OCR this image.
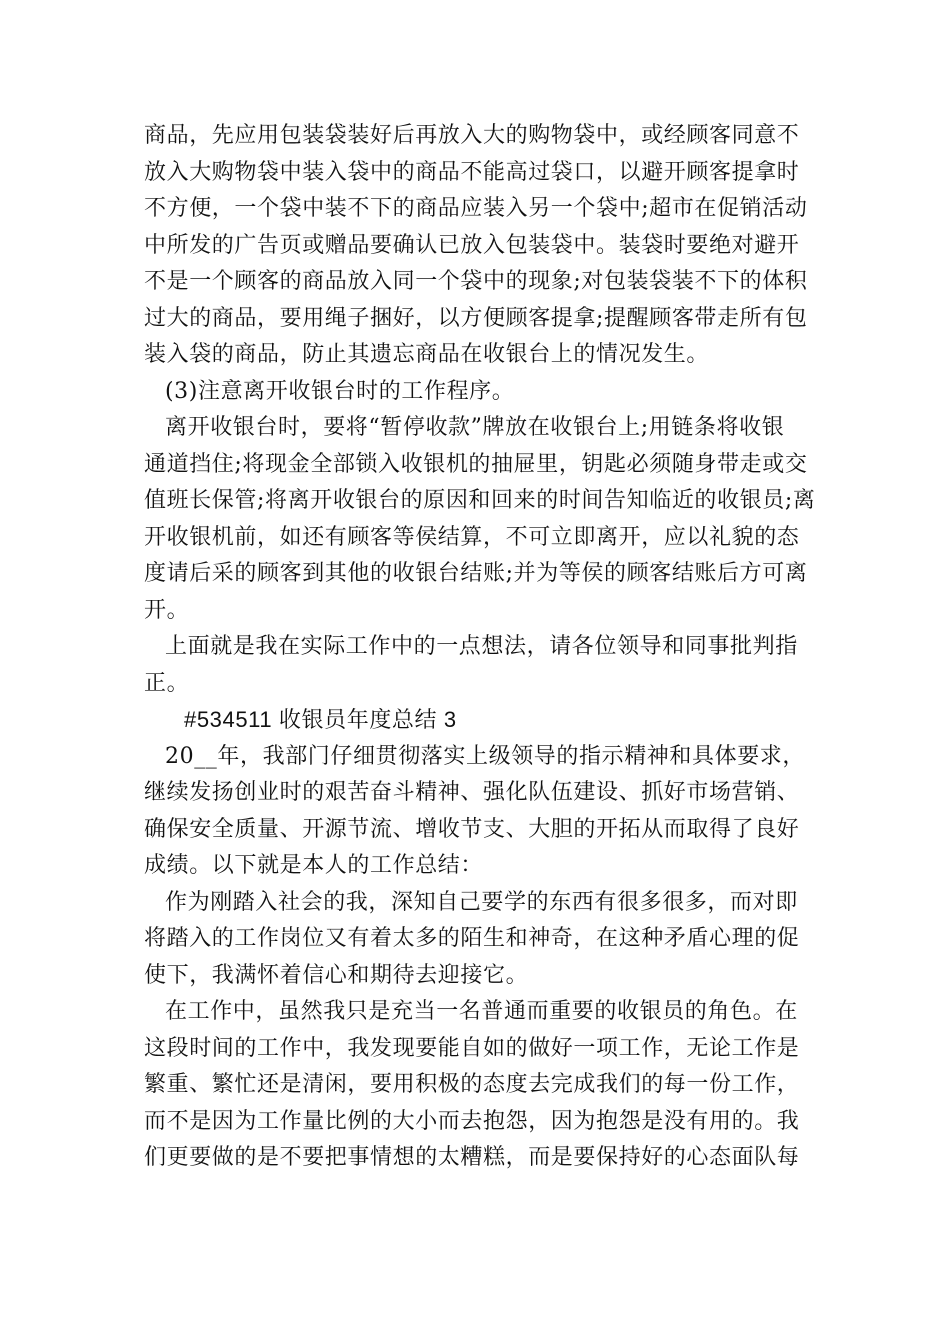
商品，先应用包装袋装好后再放入大的购物袋中，或经顾客同意不
放入大购物袋中装入袋中的商品不能高过袋口，以避开顾客提拿时
不方便，一个袋中装不下的商品应装入另一个袋中;超市在促销活动
中所发的广告页或赠品要确认已放入包装袋中。装袋时要绝对避开
不是一个顾客的商品放入同一个袋中的现象;对包装袋装不下的体积
过大的商品，要用绳子捆好，以方便顾客提拿;提醒顾客带走所有包
装入袋的商品，防止其遗忘商品在收银台上的情况发生。
(3)注意离开收银台时的工作程序。
离开收银台时，要将“暂停收款”牌放在收银台上;用链条将收银
通道挡住;将现金全部锁入收银机的抽屉里，钥匙必须随身带走或交
值班长保管;将离开收银台的原因和回来的时间告知临近的收银员;离
开收银机前，如还有顾客等侯结算，不可立即离开，应以礼貌的态
度请后采的顾客到其他的收银台结账;并为等侯的顾客结账后方可离
开。
上面就是我在实际工作中的一点想法，请各位领导和同事批判指
正。
#534511 收银员年度总结 3
20__年，我部门仔细贯彻落实上级领导的指示精神和具体要求，
继续发扬创业时的艰苦奋斗精神、强化队伍建设、抓好市场营销、
确保安全质量、开源节流、增收节支、大胆的开拓从而取得了良好
成绩。以下就是本人的工作总结：
作为刚踏入社会的我，深知自己要学的东西有很多很多，而对即
将踏入的工作岗位又有着太多的陌生和神奇，在这种矛盾心理的促
使下，我满怀着信心和期待去迎接它。
在工作中，虽然我只是充当一名普通而重要的收银员的角色。在
这段时间的工作中，我发现要能自如的做好一项工作，无论工作是
繁重、繁忙还是清闲，要用积极的态度去完成我们的每一份工作，
而不是因为工作量比例的大小而去抱怨，因为抱怨是没有用的。我
们更要做的是不要把事情想的太糟糕，而是要保持好的心态面队每
